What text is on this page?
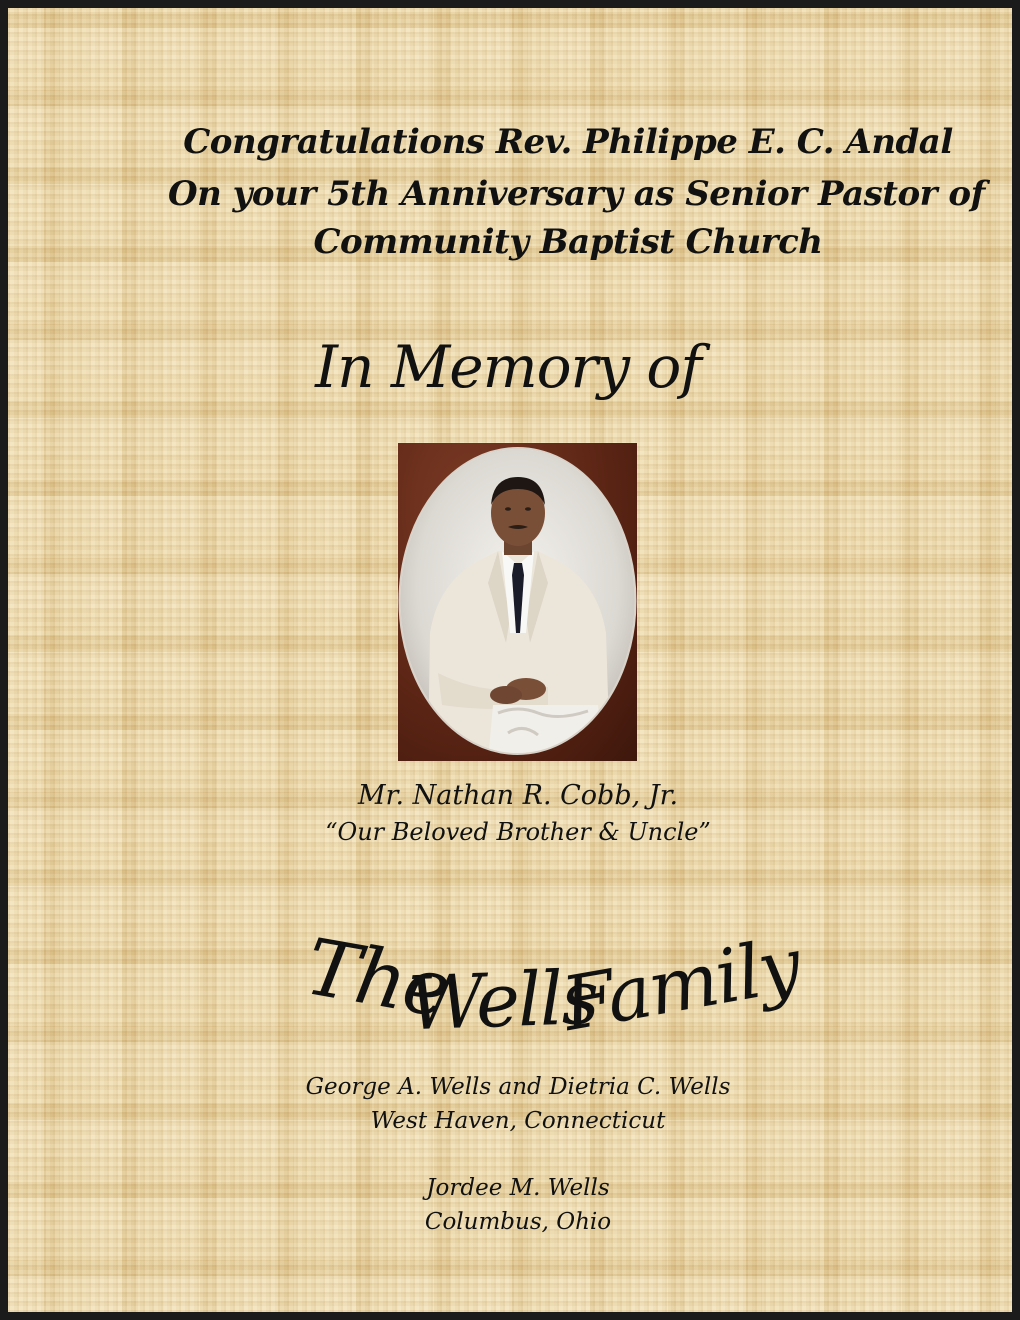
Congratulations Rev. Philippe E. C. Andal
On your 5th Anniversary as Senior Pastor of
Community Baptist Church
In Memory of
Mr. Nathan R. Cobb, Jr.
“Our Beloved Brother & Uncle”
The
Wells
Family
George A. Wells and Dietria C. Wells
West Haven, Connecticut
Jordee M. Wells
Columbus, Ohio
